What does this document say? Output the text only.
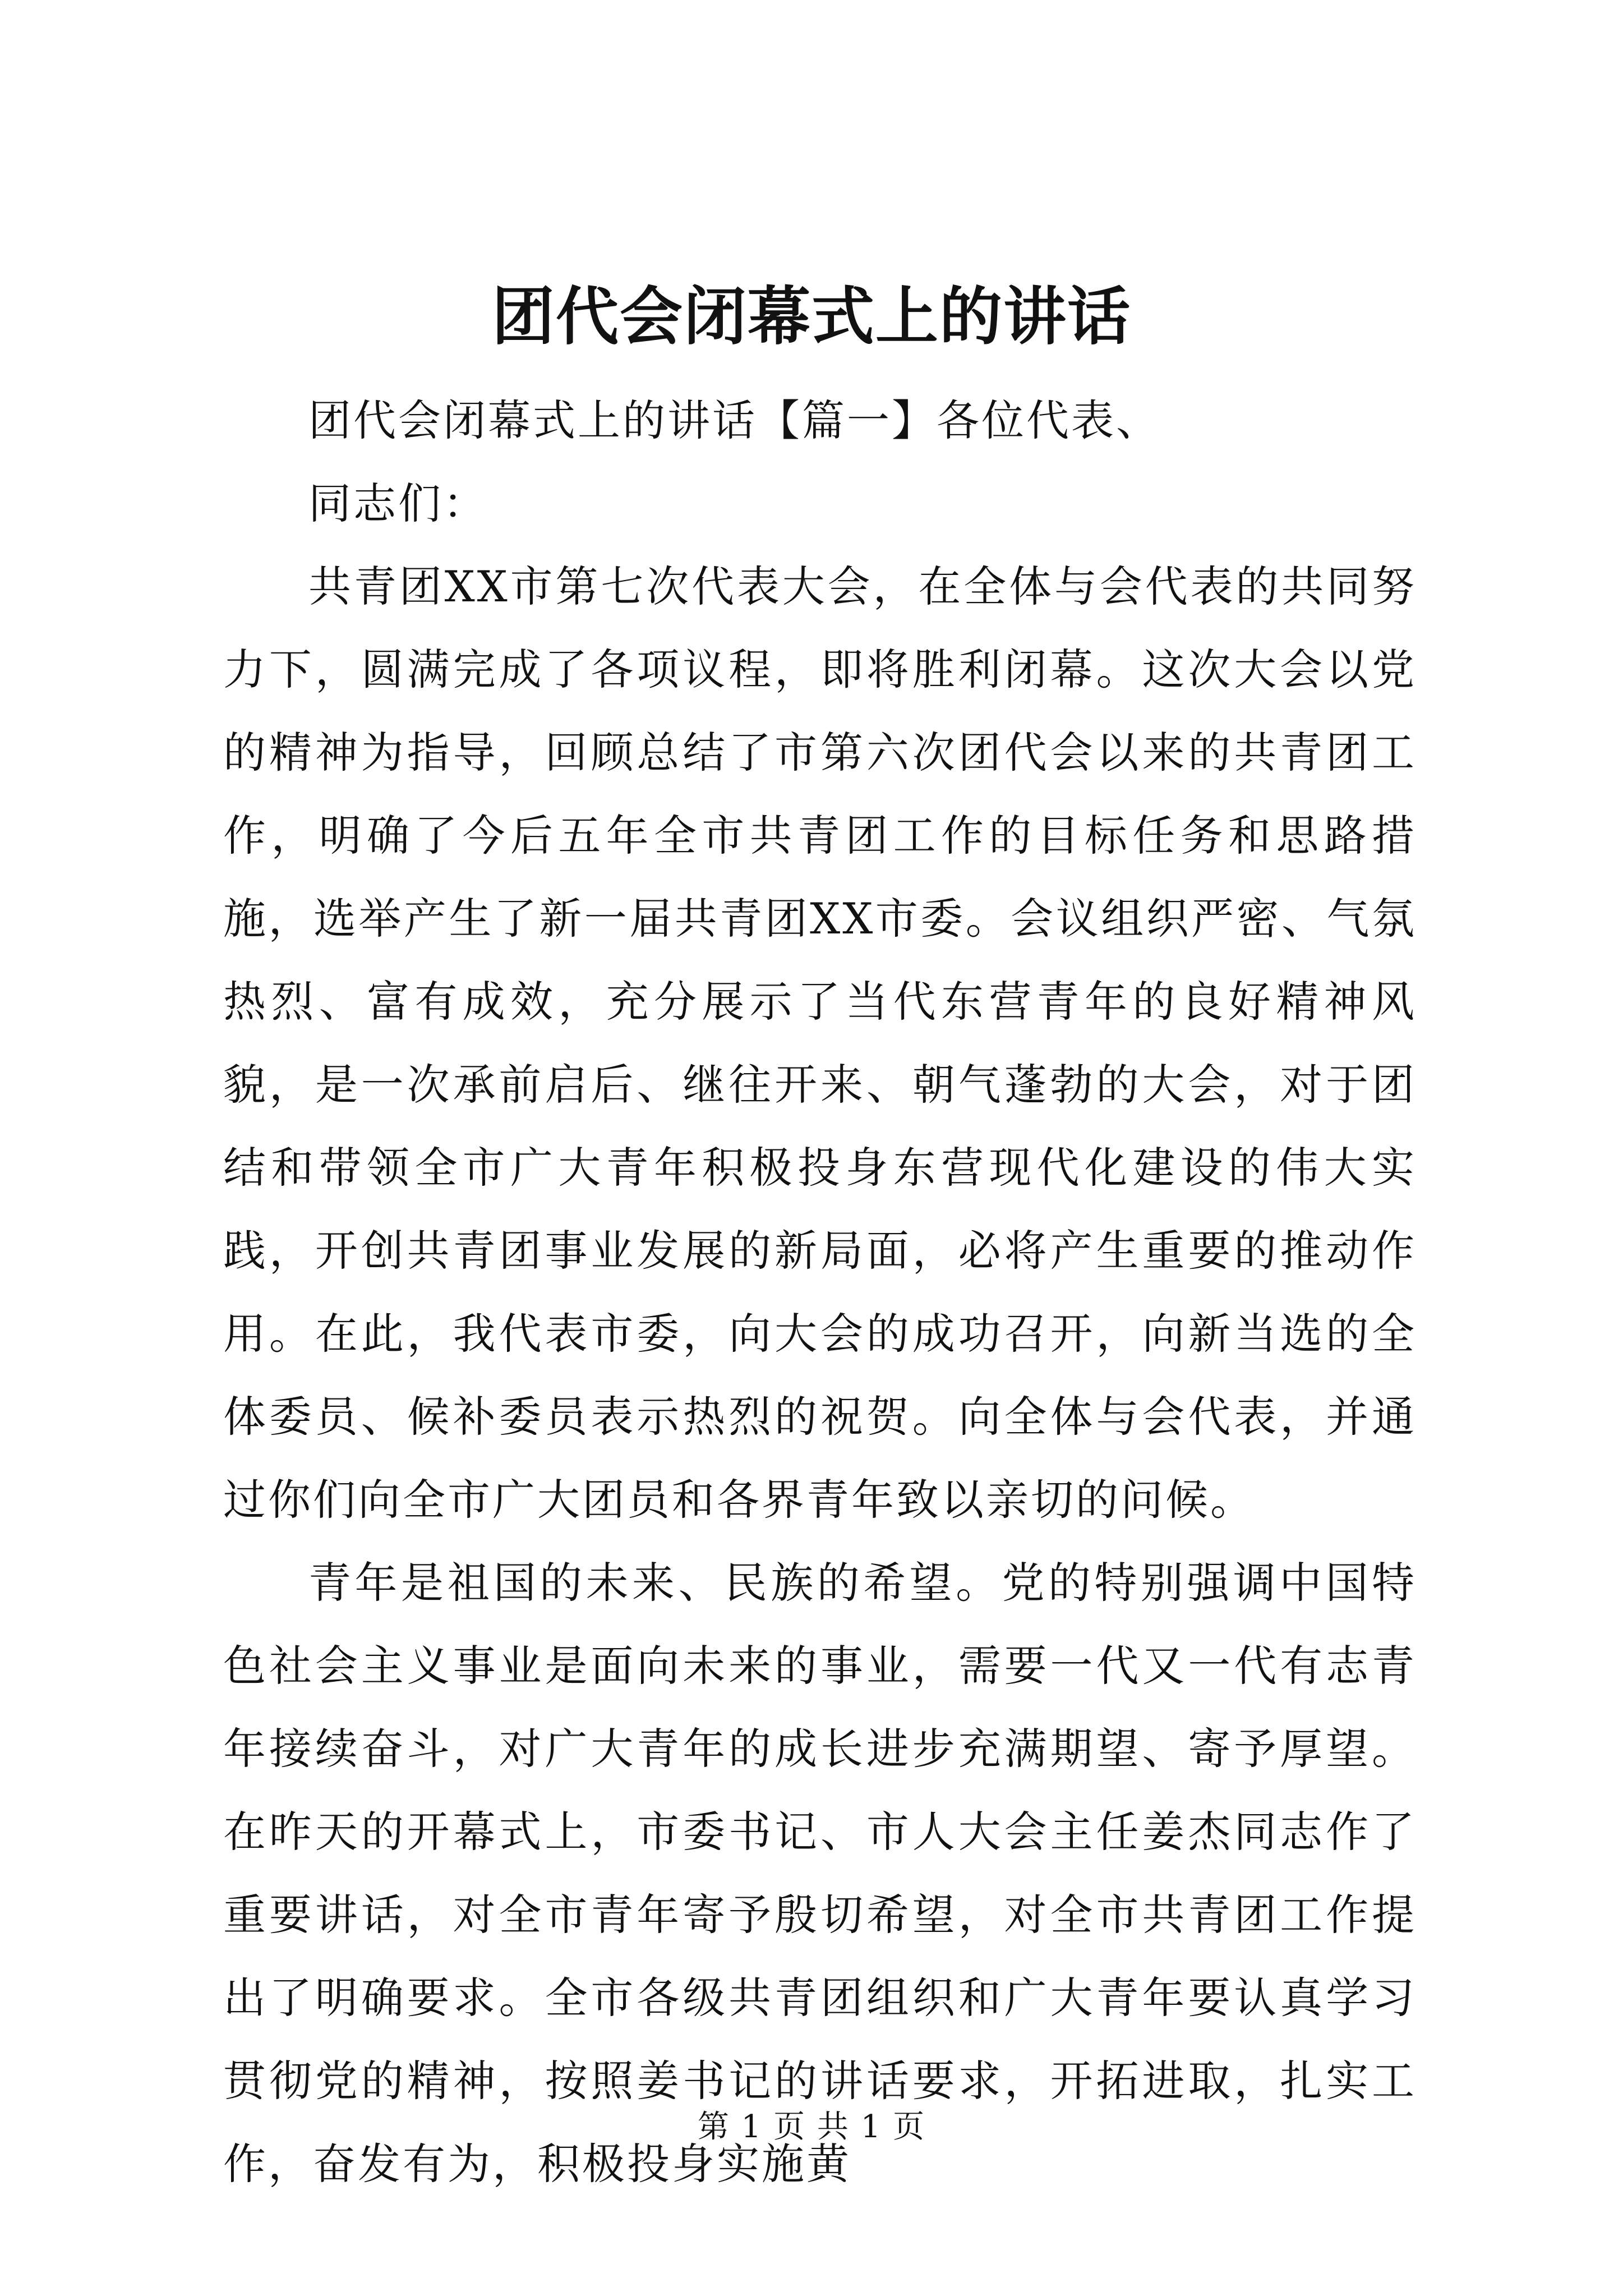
团代会闭幕式上的讲话

团代会闭幕式上的讲话【篇一】各位代表、

同志们：

共青团XX市第七次代表大会，在全体与会代表的共同努力下，圆满完成了各项议程，即将胜利闭幕。这次大会以党的精神为指导，回顾总结了市第六次团代会以来的共青团工作，明确了今后五年全市共青团工作的目标任务和思路措施，选举产生了新一届共青团XX市委。会议组织严密、气氛热烈、富有成效，充分展示了当代东营青年的良好精神风貌，是一次承前启后、继往开来、朝气蓬勃的大会，对于团结和带领全市广大青年积极投身东营现代化建设的伟大实践，开创共青团事业发展的新局面，必将产生重要的推动作用。在此，我代表市委，向大会的成功召开，向新当选的全体委员、候补委员表示热烈的祝贺。向全体与会代表，并通过你们向全市广大团员和各界青年致以亲切的问候。

青年是祖国的未来、民族的希望。党的特别强调中国特色社会主义事业是面向未来的事业，需要一代又一代有志青年接续奋斗，对广大青年的成长进步充满期望、寄予厚望。在昨天的开幕式上，市委书记、市人大会主任姜杰同志作了重要讲话，对全市青年寄予殷切希望，对全市共青团工作提出了明确要求。全市各级共青团组织和广大青年要认真学习贯彻党的精神，按照姜书记的讲话要求，开拓进取，扎实工作，奋发有为，积极投身实施黄

第 1 页 共 1 页
